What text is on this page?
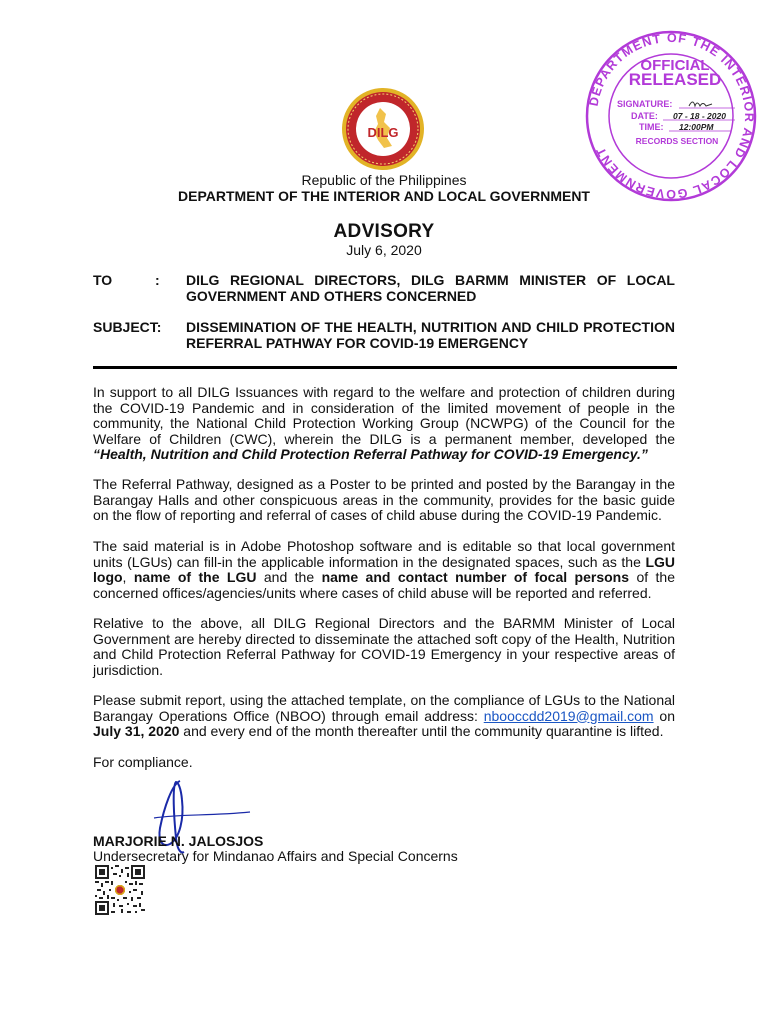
DILG
DEPARTMENT OF THE INTERIOR AND LOCAL GOVERNMENT
OFFICIAL
RELEASED
SIGNATURE:
DATE: 07 - 18 - 2020
TIME: 12:00PM
RECORDS SECTION
Republic of the Philippines
DEPARTMENT OF THE INTERIOR AND LOCAL GOVERNMENT
ADVISORY
July 6, 2020
TO	: DILG REGIONAL DIRECTORS, DILG BARMM MINISTER OF LOCAL GOVERNMENT AND OTHERS CONCERNED
SUBJECT: DISSEMINATION OF THE HEALTH, NUTRITION AND CHILD PROTECTION REFERRAL PATHWAY FOR COVID-19 EMERGENCY
In support to all DILG Issuances with regard to the welfare and protection of children during the COVID-19 Pandemic and in consideration of the limited movement of people in the community, the National Child Protection Working Group (NCWPG) of the Council for the Welfare of Children (CWC), wherein the DILG is a permanent member, developed the “Health, Nutrition and Child Protection Referral Pathway for COVID-19 Emergency.”
The Referral Pathway, designed as a Poster to be printed and posted by the Barangay in the Barangay Halls and other conspicuous areas in the community, provides for the basic guide on the flow of reporting and referral of cases of child abuse during the COVID-19 Pandemic.
The said material is in Adobe Photoshop software and is editable so that local government units (LGUs) can fill-in the applicable information in the designated spaces, such as the LGU logo, name of the LGU and the name and contact number of focal persons of the concerned offices/agencies/units where cases of child abuse will be reported and referred.
Relative to the above, all DILG Regional Directors and the BARMM Minister of Local Government are hereby directed to disseminate the attached soft copy of the Health, Nutrition and Child Protection Referral Pathway for COVID-19 Emergency in your respective areas of jurisdiction.
Please submit report, using the attached template, on the compliance of LGUs to the National Barangay Operations Office (NBOO) through email address: nbooccdd2019@gmail.com on July 31, 2020 and every end of the month thereafter until the community quarantine is lifted.
For compliance.
MARJORIE N. JALOSJOS
Undersecretary for Mindanao Affairs and Special Concerns
